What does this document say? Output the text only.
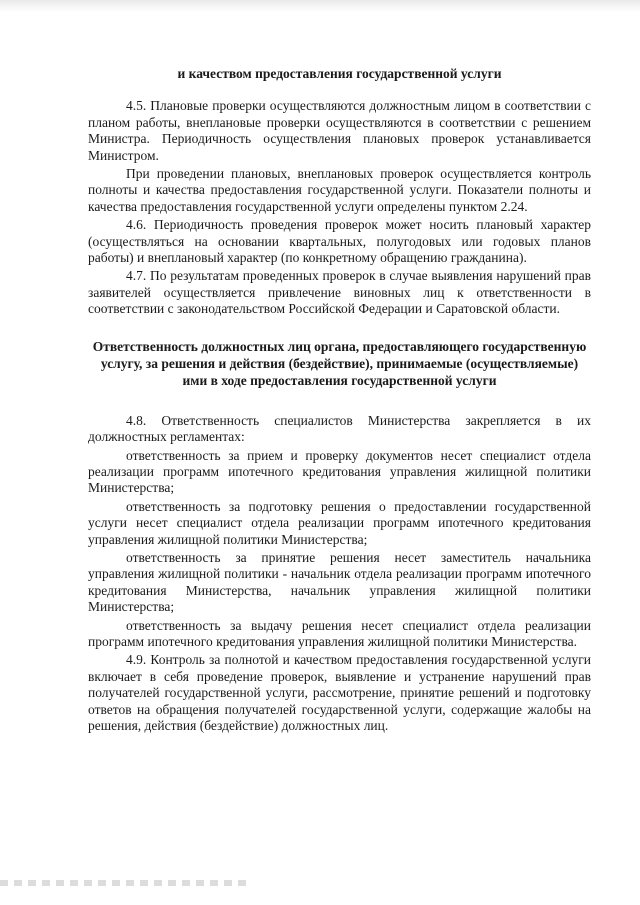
и качеством предоставления государственной услуги

4.5. Плановые проверки осуществляются должностным лицом в соответствии с планом работы, внеплановые проверки осуществляются в соответствии с решением Министра. Периодичность осуществления плановых проверок устанавливается Министром.

При проведении плановых, внеплановых проверок осуществляется контроль полноты и качества предоставления государственной услуги. Показатели полноты и качества предоставления государственной услуги определены пунктом 2.24.

4.6. Периодичность проведения проверок может носить плановый характер (осуществляться на основании квартальных, полугодовых или годовых планов работы) и внеплановый характер (по конкретному обращению гражданина).

4.7. По результатам проведенных проверок в случае выявления нарушений прав заявителей осуществляется привлечение виновных лиц к ответственности в соответствии с законодательством Российской Федерации и Саратовской области.

Ответственность должностных лиц органа, предоставляющего государственную услугу, за решения и действия (бездействие), принимаемые (осуществляемые) ими в ходе предоставления государственной услуги

4.8. Ответственность специалистов Министерства закрепляется в их должностных регламентах:

ответственность за прием и проверку документов несет специалист отдела реализации программ ипотечного кредитования управления жилищной политики Министерства;

ответственность за подготовку решения о предоставлении государственной услуги несет специалист отдела реализации программ ипотечного кредитования управления жилищной политики Министерства;

ответственность за принятие решения несет заместитель начальника управления жилищной политики - начальник отдела реализации программ ипотечного кредитования Министерства, начальник управления жилищной политики Министерства;

ответственность за выдачу решения несет специалист отдела реализации программ ипотечного кредитования управления жилищной политики Министерства.

4.9. Контроль за полнотой и качеством предоставления государственной услуги включает в себя проведение проверок, выявление и устранение нарушений прав получателей государственной услуги, рассмотрение, принятие решений и подготовку ответов на обращения получателей государственной услуги, содержащие жалобы на решения, действия (бездействие) должностных лиц.
